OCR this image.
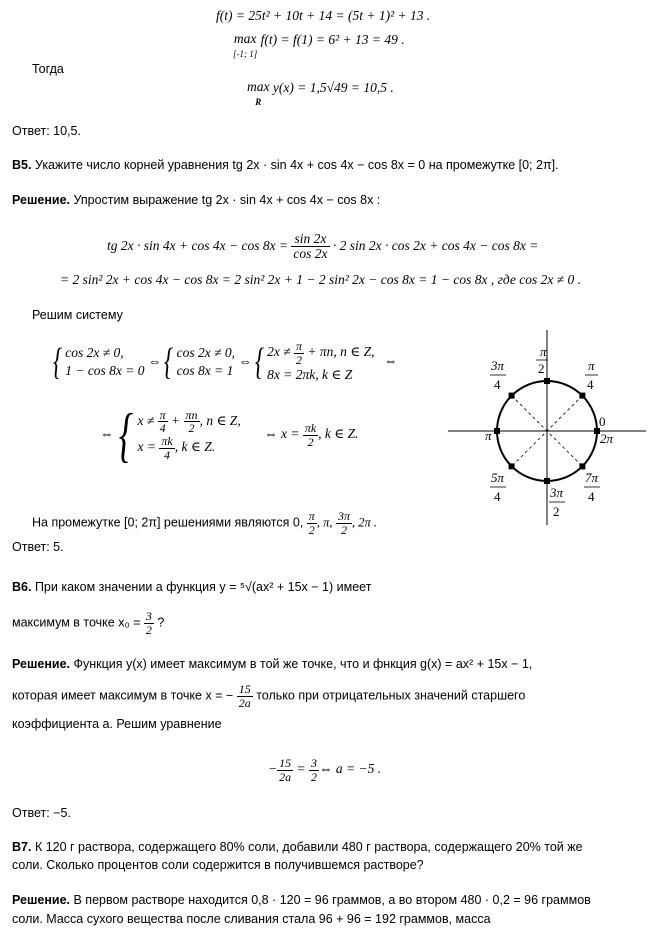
f(t) = 25t² + 10t + 14 = (5t + 1)² + 13 .
max
[-1; 1] f(t) = f(1) = 6² + 13 = 49 .
Тогда
max
R y(x) = 1,5√49 = 10,5 .
Ответ: 10,5.
B5. Укажите число корней уравнения tg 2x · sin 4x + cos 4x − cos 8x = 0 на промежутке [0; 2π].
Решение. Упростим выражение tg 2x · sin 4x + cos 4x − cos 8x :
tg $2x \cdot \sin 4x + \cos 4x - \cos 8x = \frac{\sin 2x}{\cos 2x} \cdot 2$ sin 2x · cos 2x + cos 4x − cos 8x =
= 2 sin² 2x + cos 4x − cos 8x = 2 sin² 2x + 1 − 2 sin² 2x − cos 8x = 1 − cos 8x , где cos 2x ≠ 0 .
Решим систему
{ cos 2x ≠ 0,
1 − cos 8x = 0 ⇔{ cos 2x ≠ 0,
cos 8x = 1 ⇔{ $2x \ne \frac{\pi}{2} + \pi n$, n ∈ Z,
8x = 2πk, k ∈ Z ⇔
⇔{ $x \ne \frac{\pi}{4} + \frac{\pi n}{2}$ , n ∈ Z,
$x = \frac{\pi k}{4}$ , k ∈ Z. ⇔ $x = \frac{\pi k}{2}$ , k ∈ Z.
На промежутке [0; 2π] решениями являются 0, $\frac{\pi}{2}$ , π, $\frac{3\pi}{2}$ , 2π .
Ответ: 5.
π
2	π
4
3π
4
0
2π
π
5π
4	3π
2
7π
4
B6. При каком значении a функция y = ⁵√(ax² + 15x − 1) имеет
максимум в точке $x_0 = \frac{3}{2}$ ?
Решение. Функция y(x) имеет максимум в той же точке, что и фнкция g(x) = ax² + 15x − 1,
которая имеет максимум в точке x = − $\frac{15}{2a}$ только при отрицательных значений старшего
коэффициента a. Решим уравнение
− $\frac{15}{2a} = \frac{3}{2}$ ⇔ a = −5 .
Ответ: −5.
B7. К 120 г раствора, содержащего 80% соли, добавили 480 г раствора, содержащего 20% той же
соли. Сколько процентов соли содержится в получившемся растворе?
Решение. В первом растворе находится 0,8 · 120 = 96 граммов, а во втором 480 · 0,2 = 96 граммов
соли. Масса сухого вещества после сливания стала 96 + 96 = 192 граммов, масса
